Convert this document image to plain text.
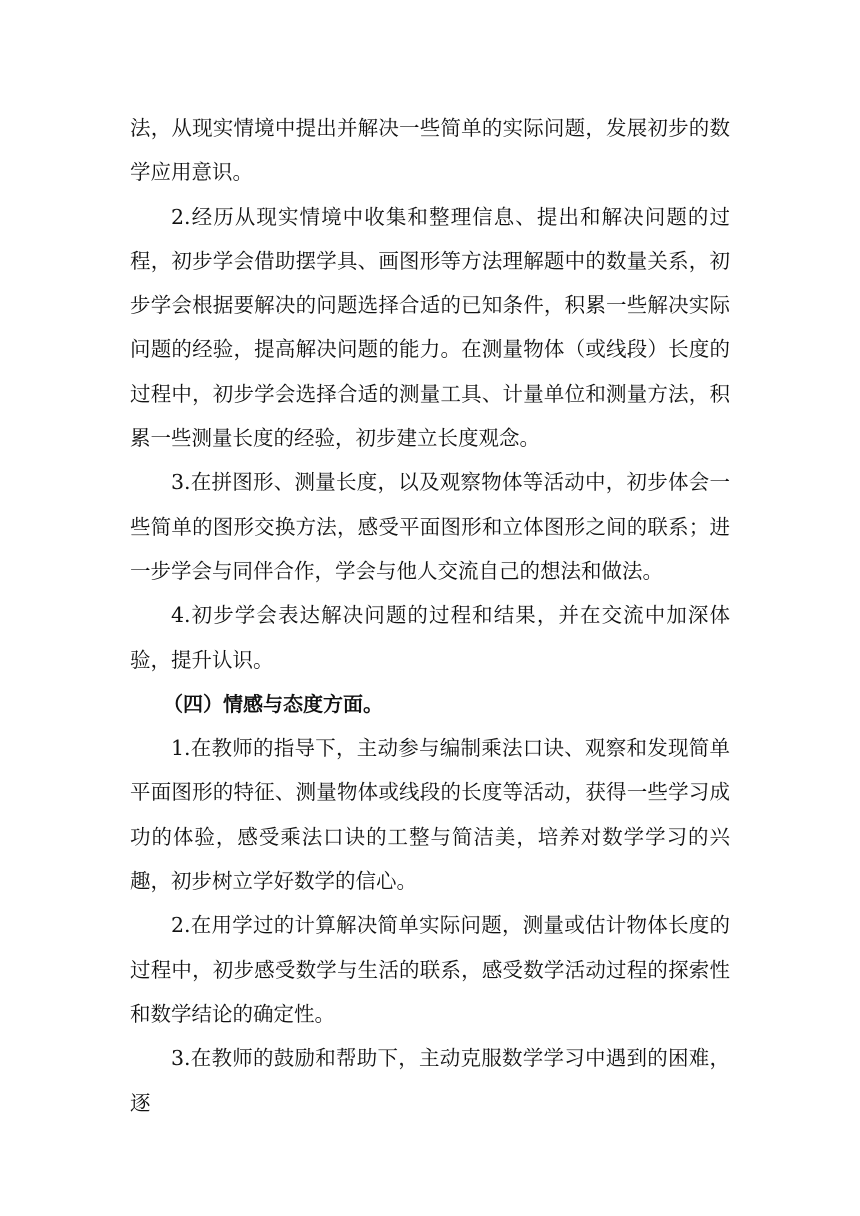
法，从现实情境中提出并解决一些简单的实际问题，发展初步的数学应用意识。

2.经历从现实情境中收集和整理信息、提出和解决问题的过程，初步学会借助摆学具、画图形等方法理解题中的数量关系，初步学会根据要解决的问题选择合适的已知条件，积累一些解决实际问题的经验，提高解决问题的能力。在测量物体（或线段）长度的过程中，初步学会选择合适的测量工具、计量单位和测量方法，积累一些测量长度的经验，初步建立长度观念。

3.在拼图形、测量长度，以及观察物体等活动中，初步体会一些简单的图形交换方法，感受平面图形和立体图形之间的联系；进一步学会与同伴合作，学会与他人交流自己的想法和做法。

4.初步学会表达解决问题的过程和结果，并在交流中加深体验，提升认识。

（四）情感与态度方面。

1.在教师的指导下，主动参与编制乘法口诀、观察和发现简单平面图形的特征、测量物体或线段的长度等活动，获得一些学习成功的体验，感受乘法口诀的工整与简洁美，培养对数学学习的兴趣，初步树立学好数学的信心。

2.在用学过的计算解决简单实际问题，测量或估计物体长度的过程中，初步感受数学与生活的联系，感受数学活动过程的探索性和数学结论的确定性。

3.在教师的鼓励和帮助下，主动克服数学学习中遇到的困难，逐
